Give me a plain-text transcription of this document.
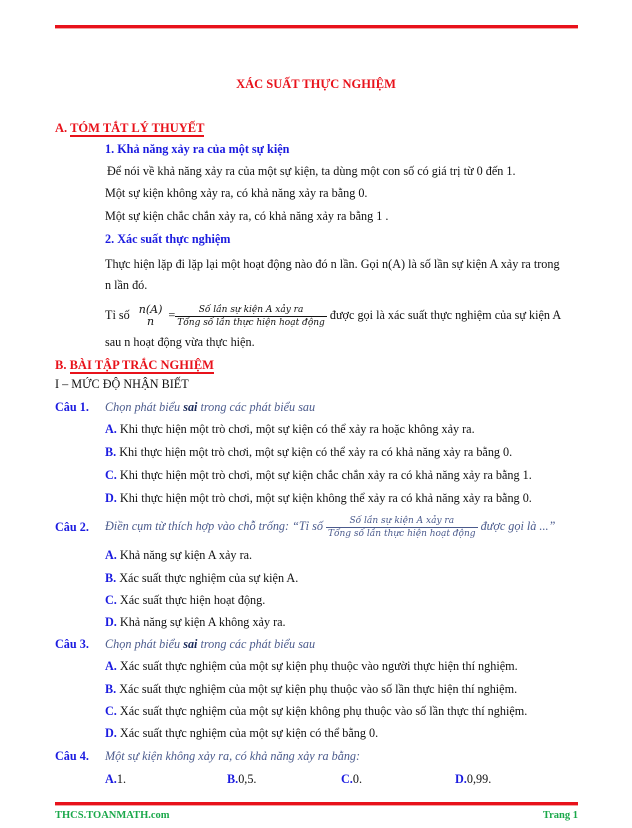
XÁC SUẤT THỰC NGHIỆM
A. TÓM TẮT LÝ THUYẾT
1. Khả năng xảy ra của một sự kiện
Để nói về khả năng xảy ra của một sự kiện, ta dùng một con số có giá trị từ 0 đến 1.
Một sự kiện không xảy ra, có khả năng xảy ra bằng 0.
Một sự kiện chắc chắn xảy ra, có khả năng xảy ra bằng 1 .
2. Xác suất thực nghiệm
Thực hiện lặp đi lặp lại một hoạt động nào đó n lần. Gọi n(A) là số lần sự kiện A xảy ra trong
n lần đó.
Tỉ số n(A)
$n = \frac{\text{Số lần sự kiện A xảy ra}}{\text{Tổng số lần thực hiện hoạt động}}$ được gọi là xác suất thực nghiệm của sự kiện A
sau n hoạt động vừa thực hiện.
B. BÀI TẬP TRẮC NGHIỆM
I – MỨC ĐỘ NHẬN BIẾT
Câu 1. Chọn phát biểu sai trong các phát biểu sau
A. Khi thực hiện một trò chơi, một sự kiện có thể xảy ra hoặc không xảy ra.
B. Khi thực hiện một trò chơi, một sự kiện có thể xảy ra có khả năng xảy ra bằng 0.
C. Khi thực hiện một trò chơi, một sự kiện chắc chắn xảy ra có khả năng xảy ra bằng 1.
D. Khi thực hiện một trò chơi, một sự kiện không thể xảy ra có khả năng xảy ra bằng 0.
Câu 2. Điền cụm từ thích hợp vào chỗ trống: “Tỉ số $\frac{\text{Số lần sự kiện A xảy ra}}{\text{Tổng số lần thực hiện hoạt động}}$ được gọi là ...”
A. Khả năng sự kiện A xảy ra.
B. Xác suất thực nghiệm của sự kiện A.
C. Xác suất thực hiện hoạt động.
D. Khả năng sự kiện A không xảy ra.
Câu 3. Chọn phát biểu sai trong các phát biểu sau
A. Xác suất thực nghiệm của một sự kiện phụ thuộc vào người thực hiện thí nghiệm.
B. Xác suất thực nghiệm của một sự kiện phụ thuộc vào số lần thực hiện thí nghiệm.
C. Xác suất thực nghiệm của một sự kiện không phụ thuộc vào số lần thực thí nghiệm.
D. Xác suất thực nghiệm của một sự kiện có thể bằng 0.
Câu 4. Một sự kiện không xảy ra, có khả năng xảy ra bằng:
A.1.	B.0,5.	C.0.	D.0,99.
THCS.TOANMATH.com	Trang 1
